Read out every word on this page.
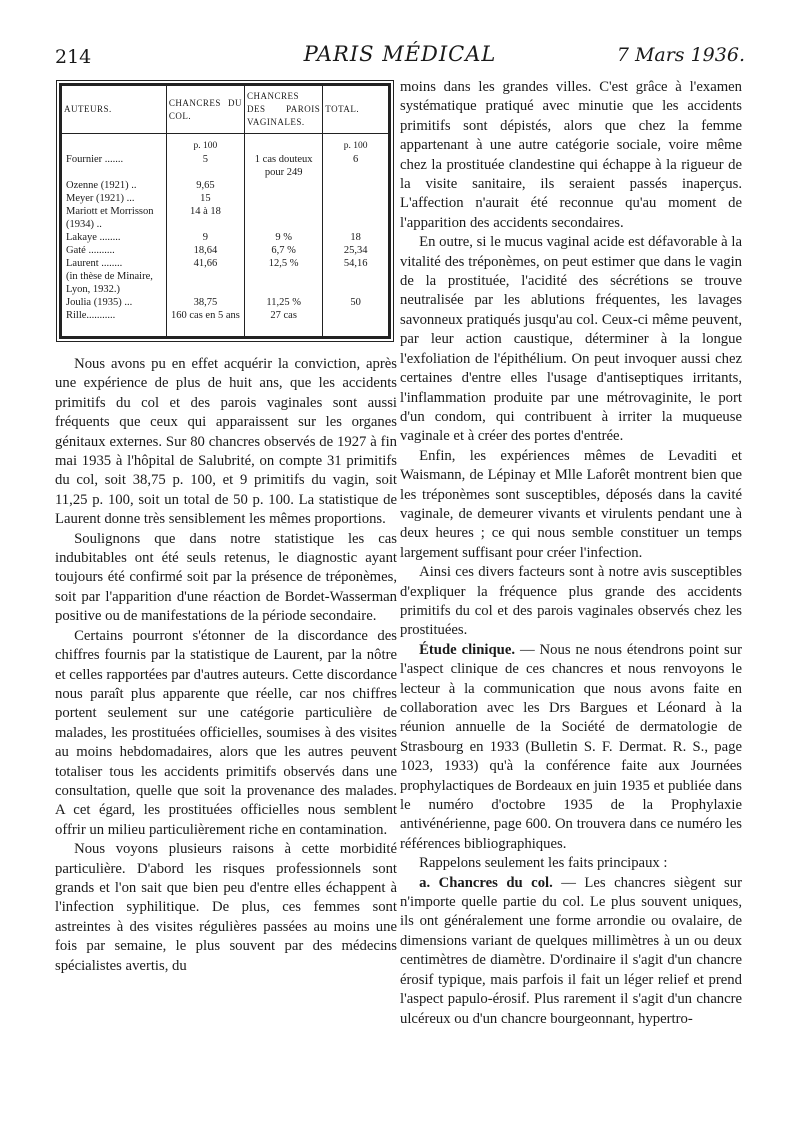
214	PARIS MÉDICAL	7 Mars 1936.
AUTEURS.	CHANCRES DU COL.	CHANCRES DES PAROIS VAGINALES.	TOTAL.
	p. 100		p. 100
Fournier .......	5	1 cas douteux pour 249	6
Ozenne (1921) ..	9,65		
Meyer (1921) ...	15		
Mariott et Morrisson (1934) ..	14 à 18		
Lakaye ........	9	9 %	18
Gaté ..........	18,64	6,7 %	25,34
Laurent ........	41,66	12,5 %	54,16
(in thèse de Minaire, Lyon, 1932.)			
Joulia (1935) ...	38,75	11,25 %	50
Rille...........	160 cas en 5 ans	27 cas	

Nous avons pu en effet acquérir la conviction, après une expérience de plus de huit ans, que les accidents primitifs du col et des parois vaginales sont aussi fréquents que ceux qui apparaissent sur les organes génitaux externes. Sur 80 chancres observés de 1927 à fin mai 1935 à l'hôpital de Salubrité, on compte 31 primitifs du col, soit 38,75 p. 100, et 9 primitifs du vagin, soit 11,25 p. 100, soit un total de 50 p. 100. La statistique de Laurent donne très sensiblement les mêmes proportions.

Soulignons que dans notre statistique les cas indubitables ont été seuls retenus, le diagnostic ayant toujours été confirmé soit par la présence de tréponèmes, soit par l'apparition d'une réaction de Bordet-Wasserman positive ou de manifestations de la période secondaire.

Certains pourront s'étonner de la discordance des chiffres fournis par la statistique de Laurent, par la nôtre et celles rapportées par d'autres auteurs. Cette discordance nous paraît plus apparente que réelle, car nos chiffres portent seulement sur une catégorie particulière de malades, les prostituées officielles, soumises à des visites au moins hebdomadaires, alors que les autres peuvent totaliser tous les accidents primitifs observés dans une consultation, quelle que soit la provenance des malades. A cet égard, les prostituées officielles nous semblent offrir un milieu particulièrement riche en contamination.

Nous voyons plusieurs raisons à cette morbidité particulière. D'abord les risques professionnels sont grands et l'on sait que bien peu d'entre elles échappent à l'infection syphilitique. De plus, ces femmes sont astreintes à des visites régulières passées au moins une fois par semaine, le plus souvent par des médecins spécialistes avertis, du

moins dans les grandes villes. C'est grâce à l'examen systématique pratiqué avec minutie que les accidents primitifs sont dépistés, alors que chez la femme appartenant à une autre catégorie sociale, voire même chez la prostituée clandestine qui échappe à la rigueur de la visite sanitaire, ils seraient passés inaperçus. L'affection n'aurait été reconnue qu'au moment de l'apparition des accidents secondaires.

En outre, si le mucus vaginal acide est défavorable à la vitalité des tréponèmes, on peut estimer que dans le vagin de la prostituée, l'acidité des sécrétions se trouve neutralisée par les ablutions fréquentes, les lavages savonneux pratiqués jusqu'au col. Ceux-ci même peuvent, par leur action caustique, déterminer à la longue l'exfoliation de l'épithélium. On peut invoquer aussi chez certaines d'entre elles l'usage d'antiseptiques irritants, l'inflammation produite par une métrovaginite, le port d'un condom, qui contribuent à irriter la muqueuse vaginale et à créer des portes d'entrée.

Enfin, les expériences mêmes de Levaditi et Waismann, de Lépinay et Mlle Laforêt montrent bien que les tréponèmes sont susceptibles, déposés dans la cavité vaginale, de demeurer vivants et virulents pendant une à deux heures ; ce qui nous semble constituer un temps largement suffisant pour créer l'infection.

Ainsi ces divers facteurs sont à notre avis susceptibles d'expliquer la fréquence plus grande des accidents primitifs du col et des parois vaginales observés chez les prostituées.

Étude clinique. — Nous ne nous étendrons point sur l'aspect clinique de ces chancres et nous renvoyons le lecteur à la communication que nous avons faite en collaboration avec les Drs Bargues et Léonard à la réunion annuelle de la Société de dermatologie de Strasbourg en 1933 (Bulletin S. F. Dermat. R. S., page 1023, 1933) qu'à la conférence faite aux Journées prophylactiques de Bordeaux en juin 1935 et publiée dans le numéro d'octobre 1935 de la Prophylaxie antivénérienne, page 600. On trouvera dans ce numéro les références bibliographiques.

Rappelons seulement les faits principaux :

a. Chancres du col. — Les chancres siègent sur n'importe quelle partie du col. Le plus souvent uniques, ils ont généralement une forme arrondie ou ovalaire, de dimensions variant de quelques millimètres à un ou deux centimètres de diamètre. D'ordinaire il s'agit d'un chancre érosif typique, mais parfois il fait un léger relief et prend l'aspect papulo-érosif. Plus rarement il s'agit d'un chancre ulcéreux ou d'un chancre bourgeonnant, hypertro-
